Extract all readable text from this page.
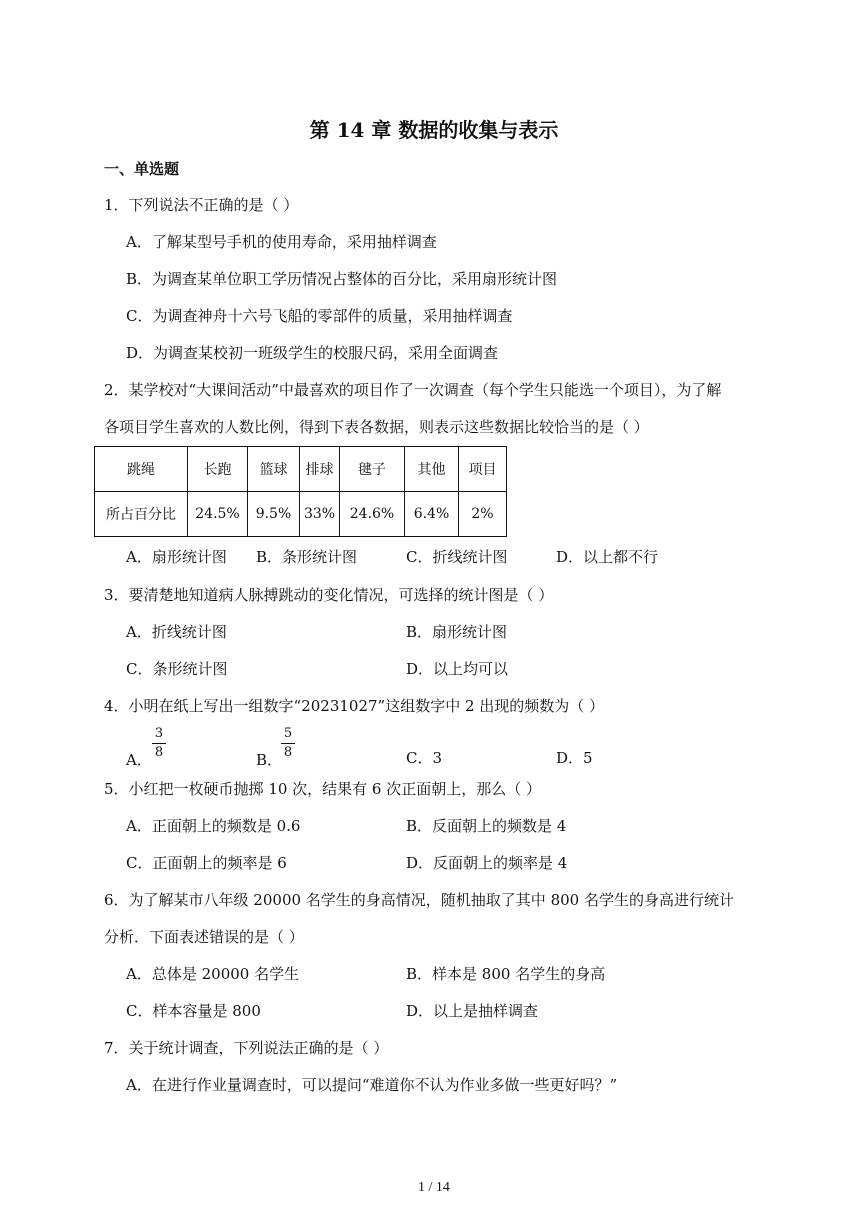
第 14 章 数据的收集与表示
一、单选题
1．下列说法不正确的是（ ）
A．了解某型号手机的使用寿命，采用抽样调查
B．为调查某单位职工学历情况占整体的百分比，采用扇形统计图
C．为调查神舟十六号飞船的零部件的质量，采用抽样调查
D．为调查某校初一班级学生的校服尺码，采用全面调查
2．某学校对“大课间活动”中最喜欢的项目作了一次调查（每个学生只能选一个项目），为了解
各项目学生喜欢的人数比例，得到下表各数据，则表示这些数据比较恰当的是（ ）
跳绳	长跑	篮球	排球	毽子	其他	项目
所占百分比	24.5%	9.5%	33%	24.6%	6.4%	2%
A．扇形统计图 B．条形统计图	C．折线统计图	D．以上都不行
3．要清楚地知道病人脉搏跳动的变化情况，可选择的统计图是（ ）
A．折线统计图	B．扇形统计图
C．条形统计图	D．以上均可以
4．小明在纸上写出一组数字“20231027”这组数字中 2 出现的频数为（ ）
A．
3
8	B．
5
8	C．3	D．5
5．小红把一枚硬币抛掷 10 次，结果有 6 次正面朝上，那么（ ）
A．正面朝上的频数是 0.6	B．反面朝上的频数是 4
C．正面朝上的频率是 6	D．反面朝上的频率是 4
6．为了解某市八年级 20000 名学生的身高情况，随机抽取了其中 800 名学生的身高进行统计
分析．下面表述错误的是（ ）
A．总体是 20000 名学生	B．样本是 800 名学生的身高
C．样本容量是 800	D．以上是抽样调查
7．关于统计调查，下列说法正确的是（ ）
A．在进行作业量调查时，可以提问“难道你不认为作业多做一些更好吗？”
1 / 14
